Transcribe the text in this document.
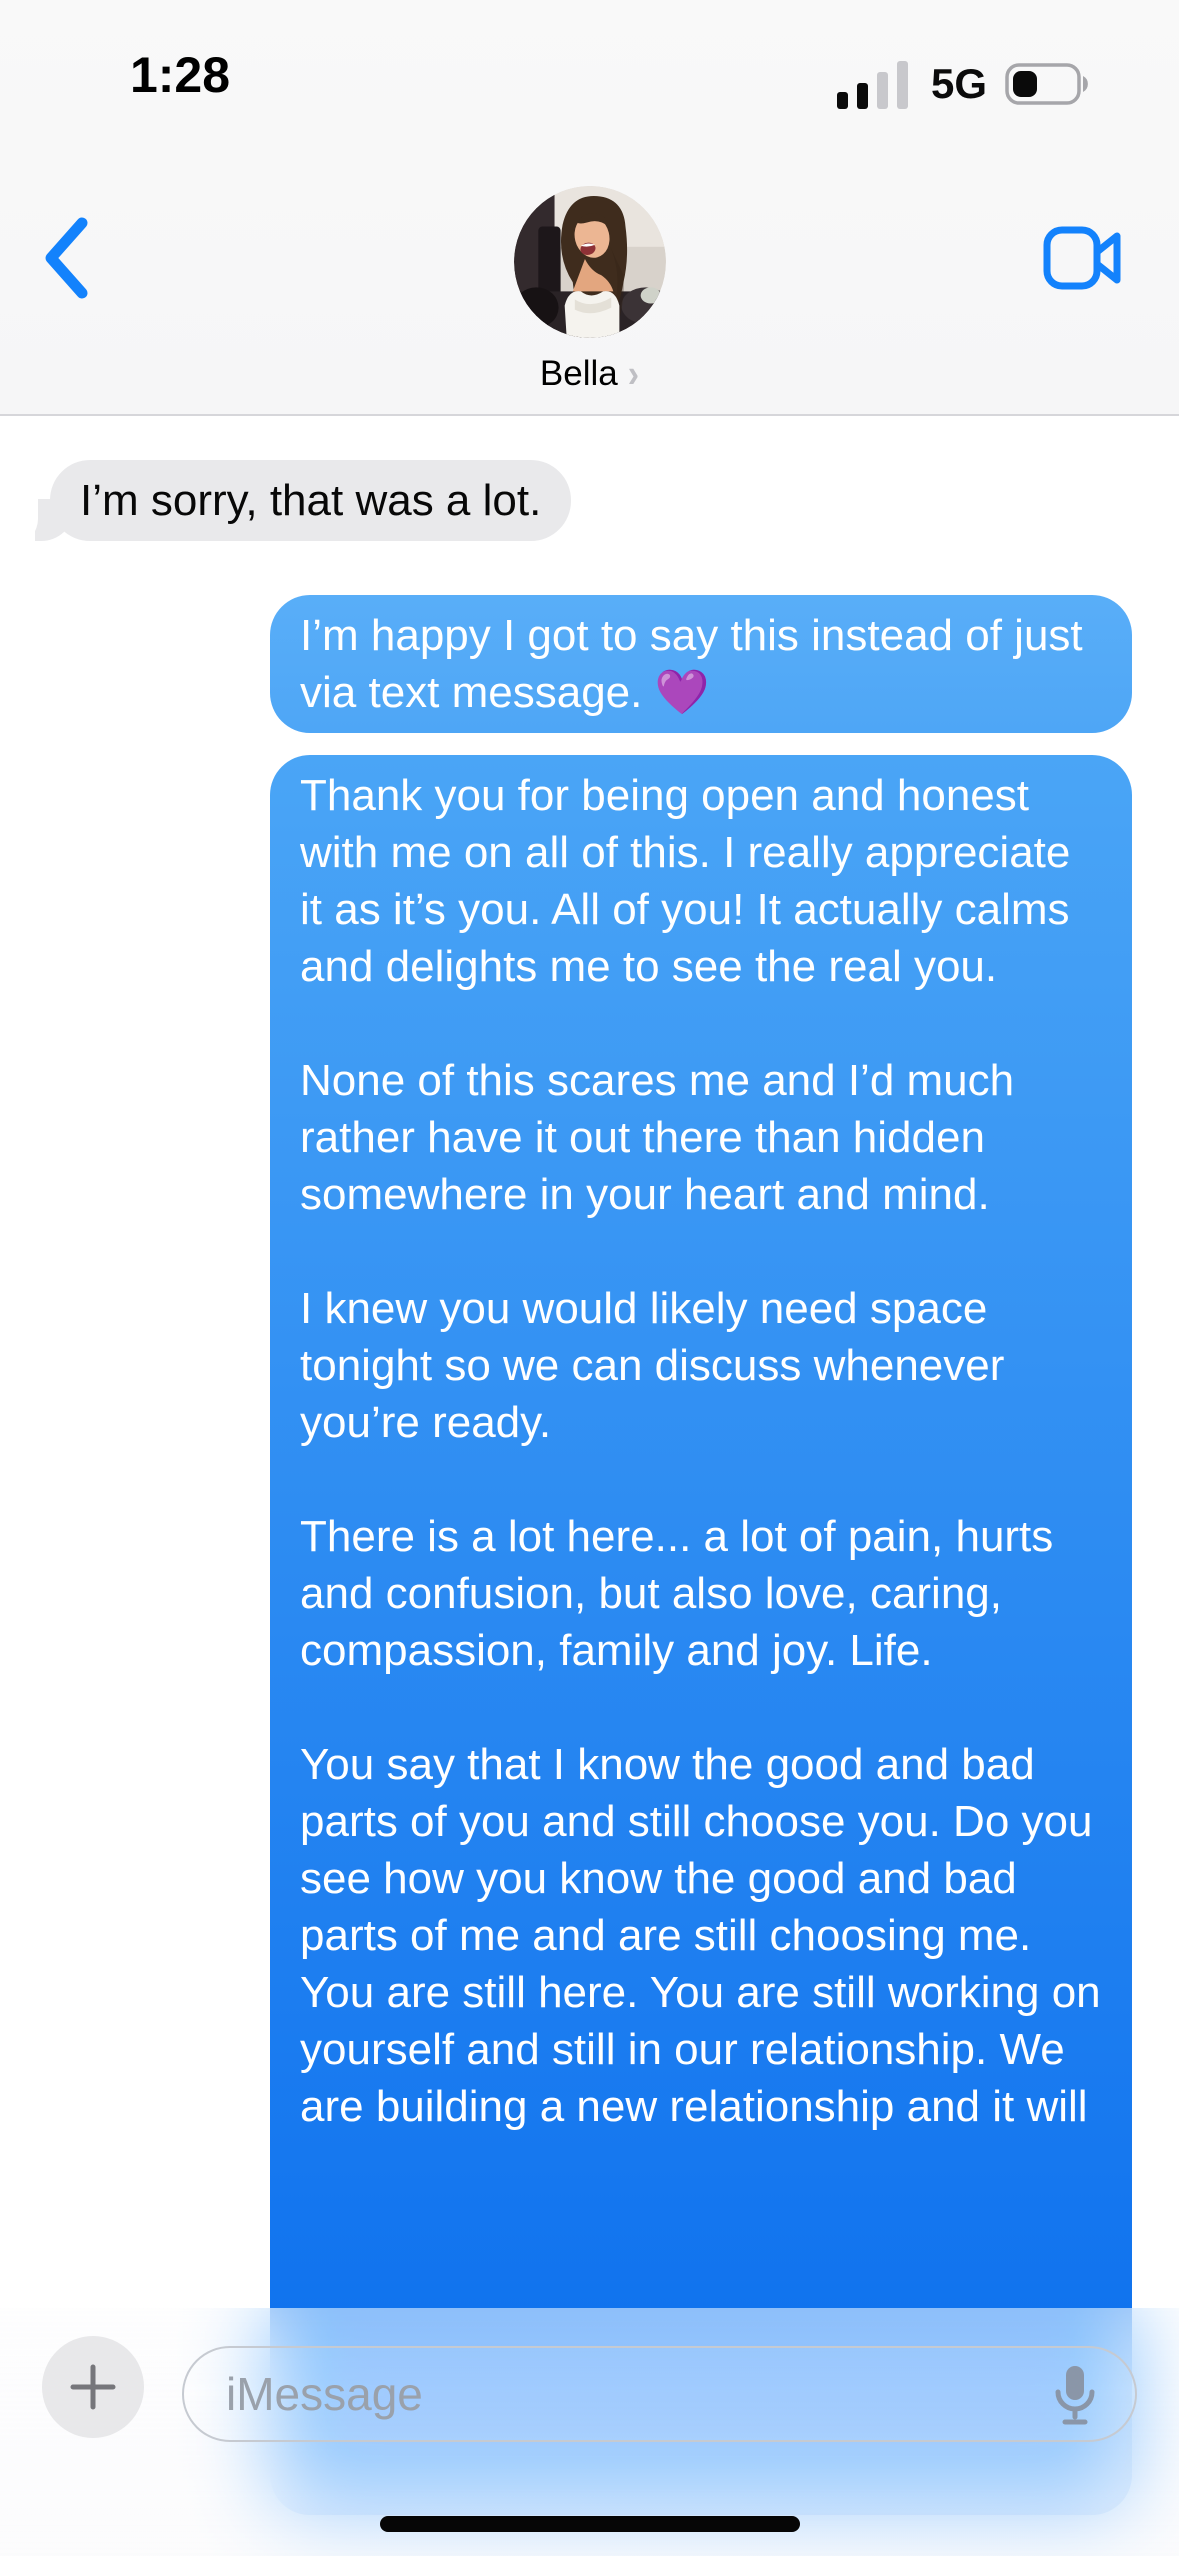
1:28	5G
Bella ›
I’m sorry, that was a lot.
I’m happy I got to say this instead of just via text message. 💜

Thank you for being open and honest with me on all of this. I really appreciate it as it’s you. All of you! It actually calms and delights me to see the real you.

None of this scares me and I’d much rather have it out there than hidden somewhere in your heart and mind.

I knew you would likely need space tonight so we can discuss whenever you’re ready.

There is a lot here... a lot of pain, hurts and confusion, but also love, caring, compassion, family and joy. Life.

You say that I know the good and bad parts of you and still choose you. Do you see how you know the good and bad parts of me and are still choosing me. You are still here. You are still working on yourself and still in our relationship. We are building a new relationship and it will

iMessage
